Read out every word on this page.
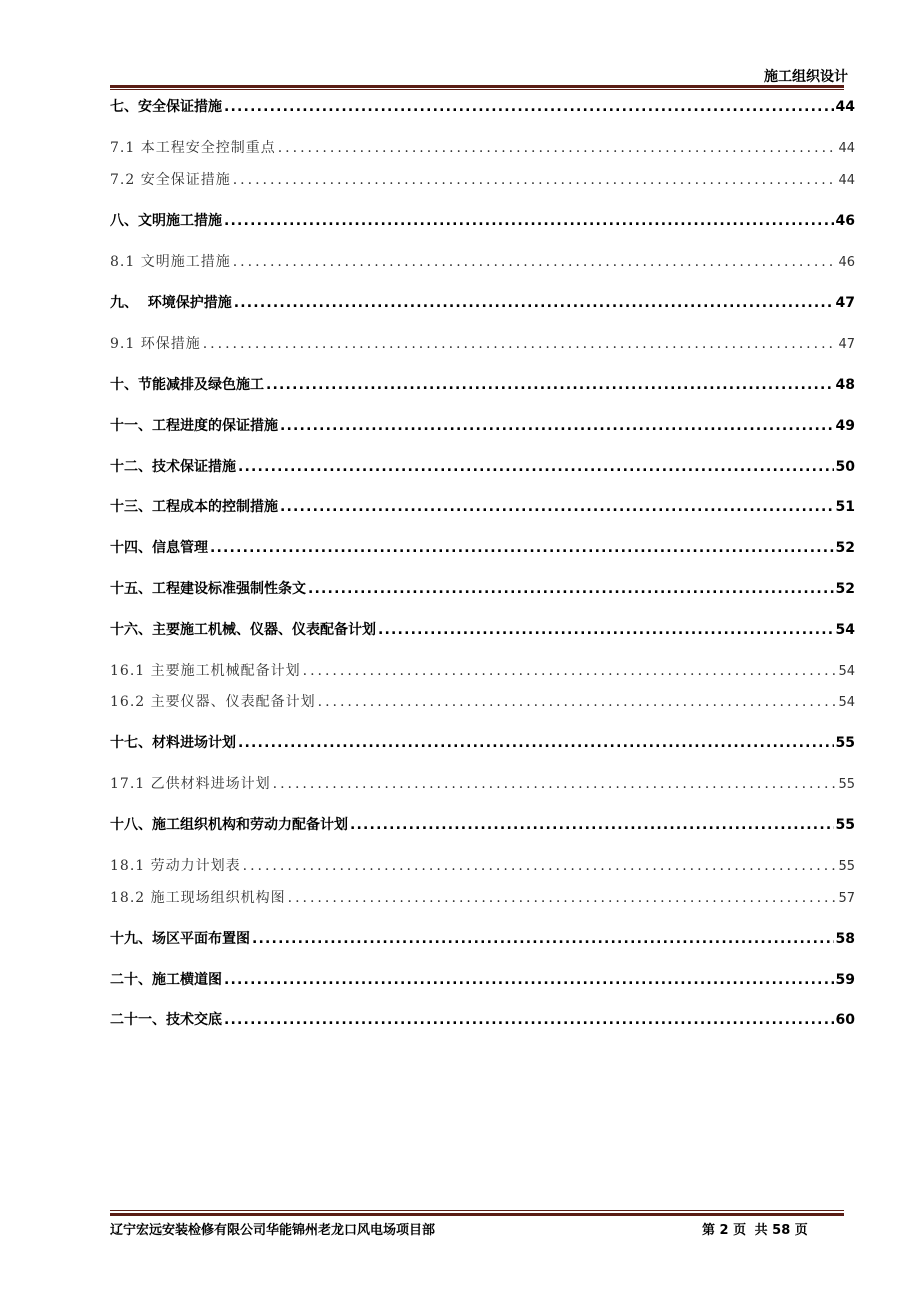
施工组织设计
七、安全保证措施 .....	44
7.1 本工程安全控制重点 .....	44
7.2 安全保证措施 .....	44
八、文明施工措施 .....	46
8.1 文明施工措施 .....	46
九、  环境保护措施 .....	47
9.1 环保措施 .....	47
十、节能减排及绿色施工 .....	48
十一、工程进度的保证措施 .....	49
十二、技术保证措施 .....	50
十三、工程成本的控制措施 .....	51
十四、信息管理 .....	52
十五、工程建设标准强制性条文 .....	52
十六、主要施工机械、仪器、仪表配备计划 .....	54
16.1 主要施工机械配备计划 .....	54
16.2 主要仪器、仪表配备计划 .....	54
十七、材料进场计划 .....	55
17.1 乙供材料进场计划 .....	55
十八、施工组织机构和劳动力配备计划 .....	55
18.1 劳动力计划表 .....	55
18.2 施工现场组织机构图 .....	57
十九、场区平面布置图 .....	58
二十、施工横道图 .....	59
二十一、技术交底 .....	60
辽宁宏远安装检修有限公司华能锦州老龙口风电场项目部	第 2 页 共 58 页
